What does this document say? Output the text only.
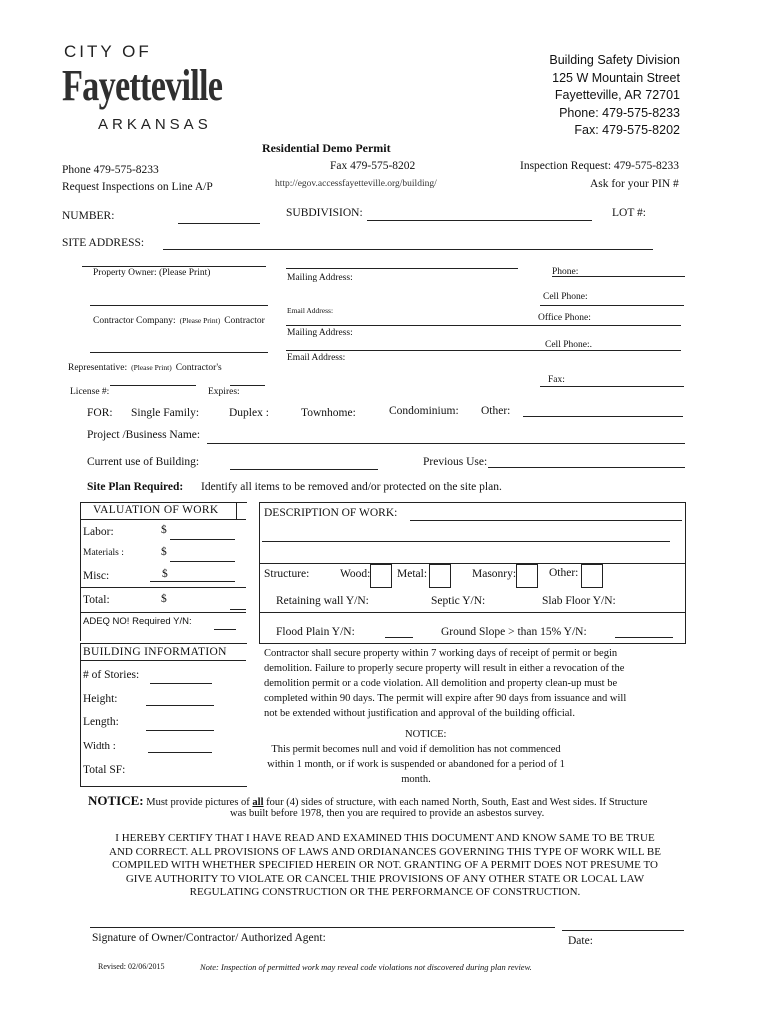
CITY OF
Fayetteville
ARKANSAS
Building Safety Division
125 W Mountain Street
Fayetteville, AR 72701
Phone: 479-575-8233
Fax: 479-575-8202
Residential Demo Permit
Phone 479-575-8233
Request Inspections on Line A/P
Fax 479-575-8202
http://egov.accessfayetteville.org/building/
Inspection Request: 479-575-8233
Ask for your PIN #
NUMBER:	SUBDIVISION:	LOT #:
SITE ADDRESS:
Property Owner: (Please Print)	Mailing Address:
Phone:
Cell Phone:
Contractor Company: (Please Print) Contractor
Email Address:
Office Phone:
Mailing Address:
Cell Phone:.
Representative: (Please Print) Contractor's
Email Address:
Fax:
License #:	Expires:
FOR: Single Family:	Duplex :	Townhome:	Condominium: Other:
Project /Business Name:
Current use of Building:	Previous Use:
Site Plan Required: Identify all items to be removed and/or protected on the site plan.
VALUATION OF WORK
Labor:	$
Materials :	$
Misc:	$
Total:	$
ADEQ NO! Required Y/N:
BUILDING INFORMATION
# of Stories:
Height:
Length:
Width :
Total SF:
DESCRIPTION OF WORK:
Structure:	Wood: Metal:	Masonry:	Other:
Retaining wall Y/N:	Septic Y/N:	Slab Floor Y/N:
Flood Plain Y/N:	Ground Slope > than 15% Y/N:
Contractor shall secure property within 7 working days of receipt of permit or begin
demolition. Failure to properly secure property will result in either a revocation of the
demolition permit or a code violation. All demolition and property clean-up must be
completed within 90 days. The permit will expire after 90 days from issuance and will
not be extended without justification and approval of the building official.
NOTICE:
This permit becomes null and void if demolition has not commenced
within 1 month, or if work is suspended or abandoned for a period of 1
month.
NOTICE: Must provide pictures of all four (4) sides of structure, with each named North, South, East and West sides. If Structure
was built before 1978, then you are required to provide an asbestos survey.
I HEREBY CERTIFY THAT I HAVE READ AND EXAMINED THIS DOCUMENT AND KNOW SAME TO BE TRUE
AND CORRECT. ALL PROVISIONS OF LAWS AND ORDIANANCES GOVERNING THIS TYPE OF WORK WILL BE
COMPILED WITH WHETHER SPECIFIED HEREIN OR NOT. GRANTING OF A PERMIT DOES NOT PRESUME TO
GIVE AUTHORITY TO VIOLATE OR CANCEL THIE PROVISIONS OF ANY OTHER STATE OR LOCAL LAW
REGULATING CONSTRUCTION OR THE PERFORMANCE OF CONSTRUCTION.
Signature of Owner/Contractor/ Authorized Agent:	Date:
Revised: 02/06/2015	Note: Inspection of permitted work may reveal code violations not discovered during plan review.
